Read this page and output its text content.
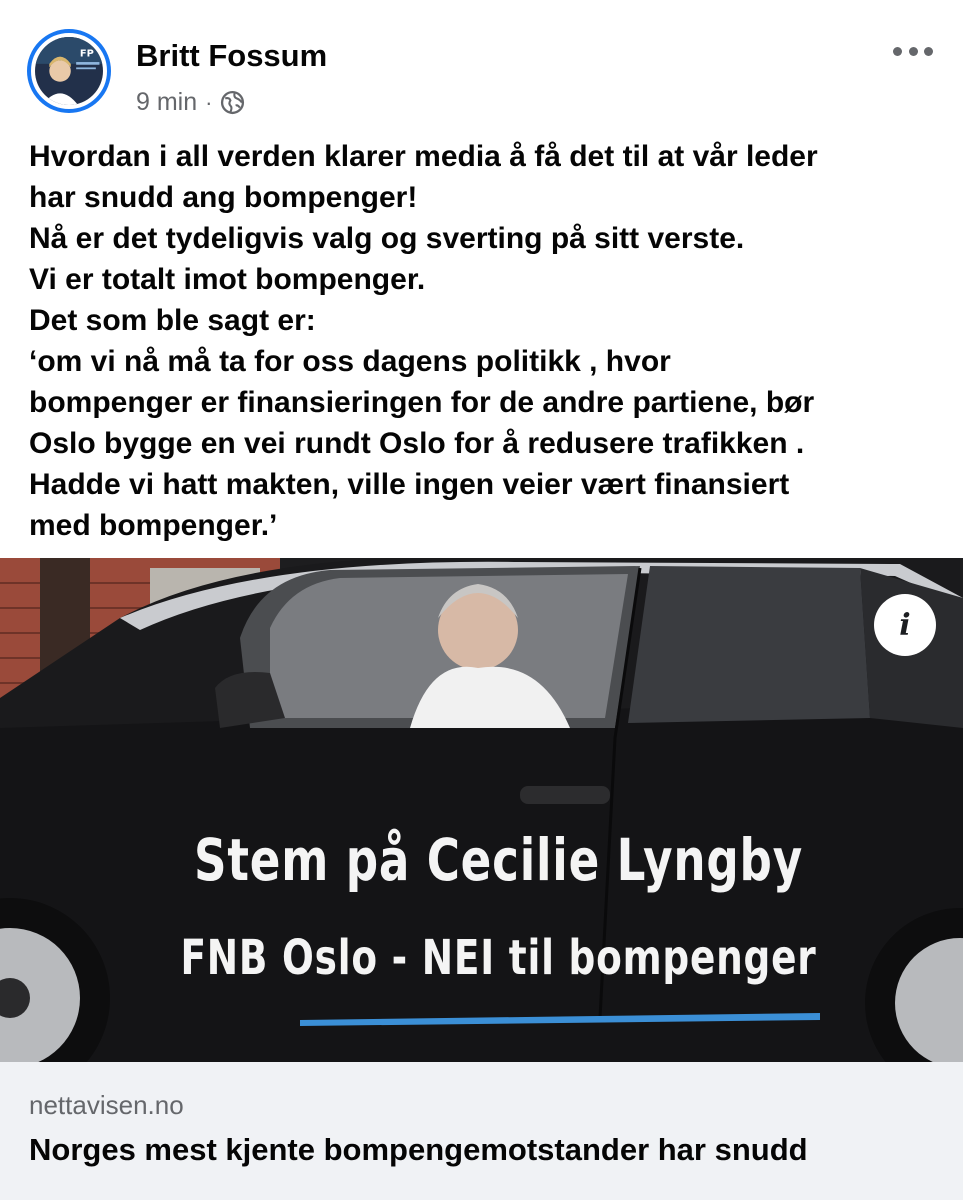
FP Britt Fossum
9 min ·
Hvordan i all verden klarer media å få det til at vår leder
har snudd ang bompenger!
Nå er det tydeligvis valg og sverting på sitt verste.
Vi er totalt imot bompenger.
Det som ble sagt er:
‘om vi nå må ta for oss dagens politikk , hvor
bompenger er finansieringen for de andre partiene, bør
Oslo bygge en vei rundt Oslo for å redusere trafikken .
Hadde vi hatt makten, ville ingen veier vært finansiert
med bompenger.’
Stem på Cecilie Lyngby
FNB Oslo - NEI til bompenger
i
nettavisen.no
Norges mest kjente bompengemotstander har snudd
